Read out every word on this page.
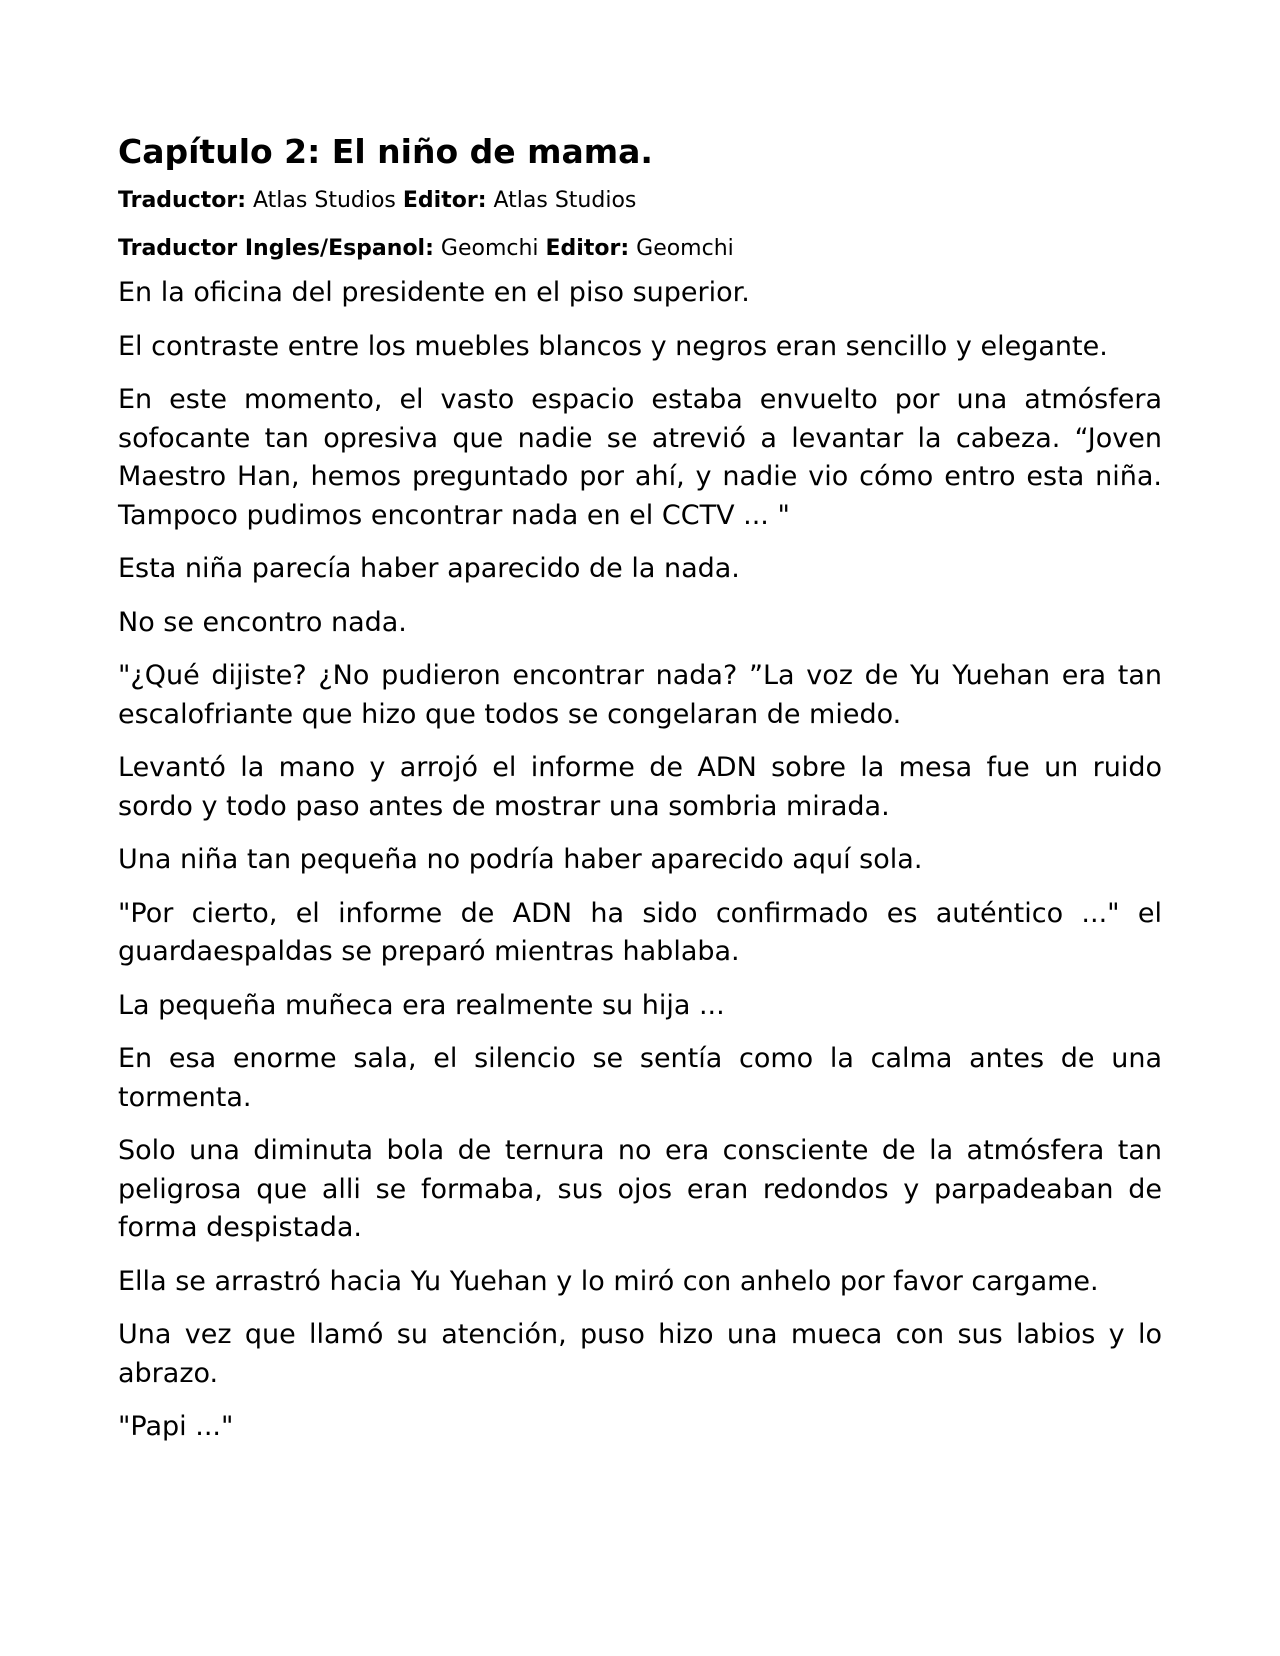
Capítulo 2: El niño de mama.
Traductor: Atlas Studios Editor: Atlas Studios
Traductor Ingles/Espanol: Geomchi Editor: Geomchi

En la oficina del presidente en el piso superior.

El contraste entre los muebles blancos y negros eran sencillo y elegante.

En este momento, el vasto espacio estaba envuelto por una atmósfera sofocante tan opresiva que nadie se atrevió a levantar la cabeza. “Joven Maestro Han, hemos preguntado por ahí, y nadie vio cómo entro esta niña. Tampoco pudimos encontrar nada en el CCTV ... "

Esta niña parecía haber aparecido de la nada.

No se encontro nada.

"¿Qué dijiste? ¿No pudieron encontrar nada? ”La voz de Yu Yuehan era tan escalofriante que hizo que todos se congelaran de miedo.

Levantó la mano y arrojó el informe de ADN sobre la mesa fue un ruido sordo y todo paso antes de mostrar una sombria mirada.

Una niña tan pequeña no podría haber aparecido aquí sola.

"Por cierto, el informe de ADN ha sido confirmado es auténtico ..." el guardaespaldas se preparó mientras hablaba.

La pequeña muñeca era realmente su hija ...

En esa enorme sala, el silencio se sentía como la calma antes de una tormenta.

Solo una diminuta bola de ternura no era consciente de la atmósfera tan peligrosa que alli se formaba, sus ojos eran redondos y parpadeaban de forma despistada.

Ella se arrastró hacia Yu Yuehan y lo miró con anhelo por favor cargame.

Una vez que llamó su atención, puso hizo una mueca con sus labios y lo abrazo.

"Papi ..."
